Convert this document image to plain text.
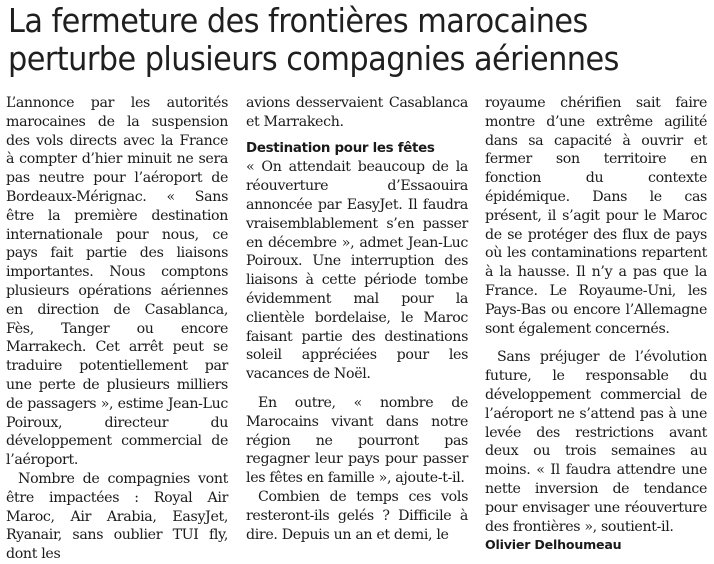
La fermeture des frontières marocaines perturbe plusieurs compagnies aériennes

L’annonce par les autorités marocaines de la suspension des vols directs avec la France à compter d’hier minuit ne sera pas neutre pour l’aéroport de Bordeaux-Mérignac. « Sans être la première destination internationale pour nous, ce pays fait partie des liaisons importantes. Nous comptons plusieurs opérations aériennes en direction de Casablanca, Fès, Tanger ou encore Marrakech. Cet arrêt peut se traduire potentiellement par une perte de plusieurs milliers de passagers », estime Jean-Luc Poiroux, directeur du développement commercial de l’aéroport.

Nombre de compagnies vont être impactées : Royal Air Maroc, Air Arabia, EasyJet, Ryanair, sans oublier TUI fly, dont les

avions desservaient Casablanca et Marrakech.

Destination pour les fêtes

« On attendait beaucoup de la réouverture d’Essaouira annoncée par EasyJet. Il faudra vraisemblablement s’en passer en décembre », admet Jean-Luc Poiroux. Une interruption des liaisons à cette période tombe évidemment mal pour la clientèle bordelaise, le Maroc faisant partie des destinations soleil appréciées pour les vacances de Noël.

En outre, « nombre de Marocains vivant dans notre région ne pourront pas regagner leur pays pour passer les fêtes en famille », ajoute-t-il.

Combien de temps ces vols resteront-ils gelés ? Difficile à dire. Depuis un an et demi, le

royaume chérifien sait faire montre d’une extrême agilité dans sa capacité à ouvrir et fermer son territoire en fonction du contexte épidémique. Dans le cas présent, il s’agit pour le Maroc de se protéger des flux de pays où les contaminations repartent à la hausse. Il n’y a pas que la France. Le Royaume-Uni, les Pays-Bas ou encore l’Allemagne sont également concernés.

Sans préjuger de l’évolution future, le responsable du développement commercial de l’aéroport ne s’attend pas à une levée des restrictions avant deux ou trois semaines au moins. « Il faudra attendre une nette inversion de tendance pour envisager une réouverture des frontières », soutient-il.

Olivier Delhoumeau
